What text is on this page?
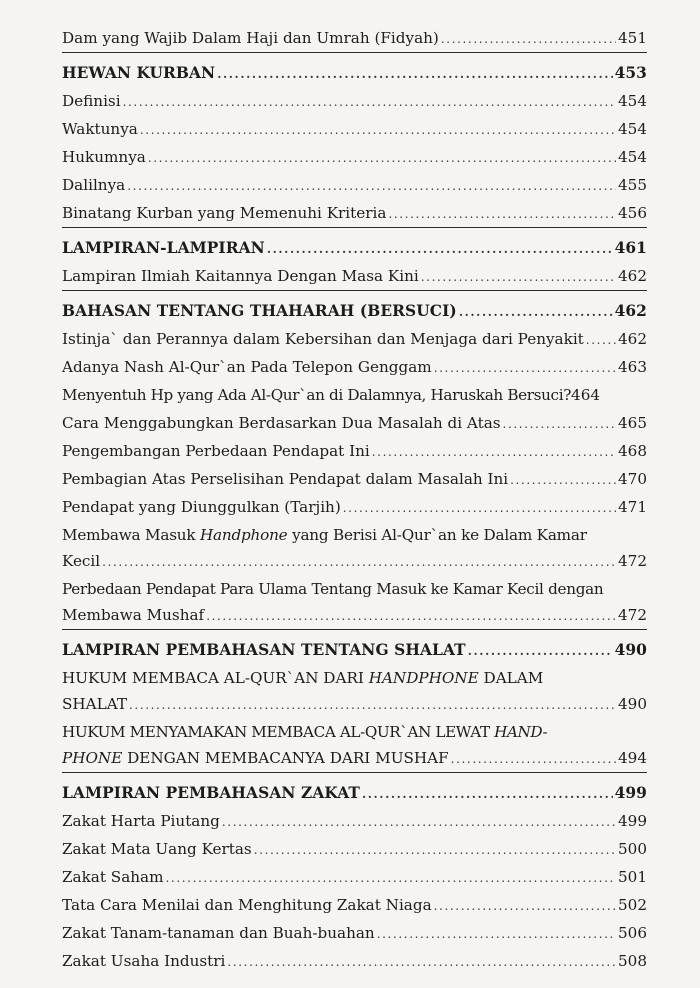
Dam yang Wajib Dalam Haji dan Umrah (Fidyah) .....	451
HEWAN KURBAN .....	453
Definisi .....	454
Waktunya .....	454
Hukumnya .....	454
Dalilnya .....	455
Binatang Kurban yang Memenuhi Kriteria .....	456
LAMPIRAN-LAMPIRAN .....	461
Lampiran Ilmiah Kaitannya Dengan Masa Kini .....	462
BAHASAN TENTANG THAHARAH (BERSUCI) .....	462
Istinja` dan Perannya dalam Kebersihan dan Menjaga dari Penyakit ..... 462
Adanya Nash Al-Qur`an Pada Telepon Genggam .....	463
Menyentuh Hp yang Ada Al-Qur`an di Dalamnya, Haruskah Bersuci? 464
Cara Menggabungkan Berdasarkan Dua Masalah di Atas .....	465
Pengembangan Perbedaan Pendapat Ini .....	468
Pembagian Atas Perselisihan Pendapat dalam Masalah Ini .....	470
Pendapat yang Diunggulkan (Tarjih) .....	471
Membawa Masuk Handphone yang Berisi Al-Qur`an ke Dalam Kamar
Kecil .....	472
Perbedaan Pendapat Para Ulama Tentang Masuk ke Kamar Kecil dengan
Membawa Mushaf .....	472
LAMPIRAN PEMBAHASAN TENTANG SHALAT .....	490
HUKUM MEMBACA AL-QUR`AN DARI HANDPHONE DALAM
SHALAT .....	490
HUKUM MENYAMAKAN MEMBACA AL-QUR`AN LEWAT HAND-
PHONE DENGAN MEMBACANYA DARI MUSHAF .....	494
LAMPIRAN PEMBAHASAN ZAKAT .....	499
Zakat Harta Piutang .....	499
Zakat Mata Uang Kertas .....	500
Zakat Saham .....	501
Tata Cara Menilai dan Menghitung Zakat Niaga .....	502
Zakat Tanam-tanaman dan Buah-buahan .....	506
Zakat Usaha Industri .....	508
